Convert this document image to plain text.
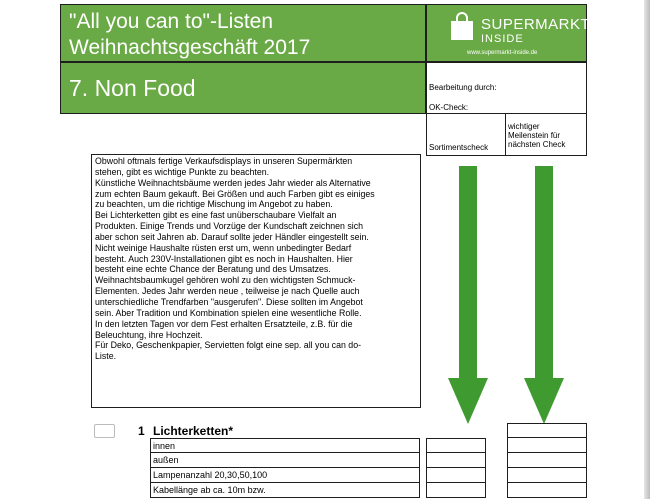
"All you can to"-Listen
Weihnachtsgeschäft 2017
SUPERMARKT
INSIDE
www.supermarkt-inside.de
7. Non Food	Bearbeitung durch:
OK-Check:
Sortimentscheck
wichtiger
Meilenstein für
nächsten Check
Obwohl oftmals fertige Verkaufsdisplays in unseren Supermärkten
stehen, gibt es wichtige Punkte zu beachten.
Künstliche Weihnachtsbäume werden jedes Jahr wieder als Alternative
zum echten Baum gekauft. Bei Größen und auch Farben gibt es einiges
zu beachten, um die richtige Mischung im Angebot zu haben.
Bei Lichterketten gibt es eine fast unüberschaubare Vielfalt an
Produkten. Einige Trends und Vorzüge der Kundschaft zeichnen sich
aber schon seit Jahren ab. Darauf sollte jeder Händler eingestellt sein.
Nicht weinige Haushalte rüsten erst um, wenn unbedingter Bedarf
besteht. Auch 230V-Installationen gibt es noch in Haushalten. Hier
besteht eine echte Chance der Beratung und des Umsatzes.
Weihnachtsbaumkugel gehören wohl zu den wichtigsten Schmuck-
Elementen. Jedes Jahr werden neue , teilweise je nach Quelle auch
unterschiedliche Trendfarben "ausgerufen". Diese sollten im Angebot
sein. Aber Tradition und Kombination spielen eine wesentliche Rolle.
In den letzten Tagen vor dem Fest erhalten Ersatzteile, z.B. für die
Beleuchtung, ihre Hochzeit.
Für Deko, Geschenkpapier, Servietten folgt eine sep. all you can do-
Liste.
1 Lichterketten*
innen
außen
Lampenanzahl 20,30,50,100
Kabellänge ab ca. 10m bzw.
